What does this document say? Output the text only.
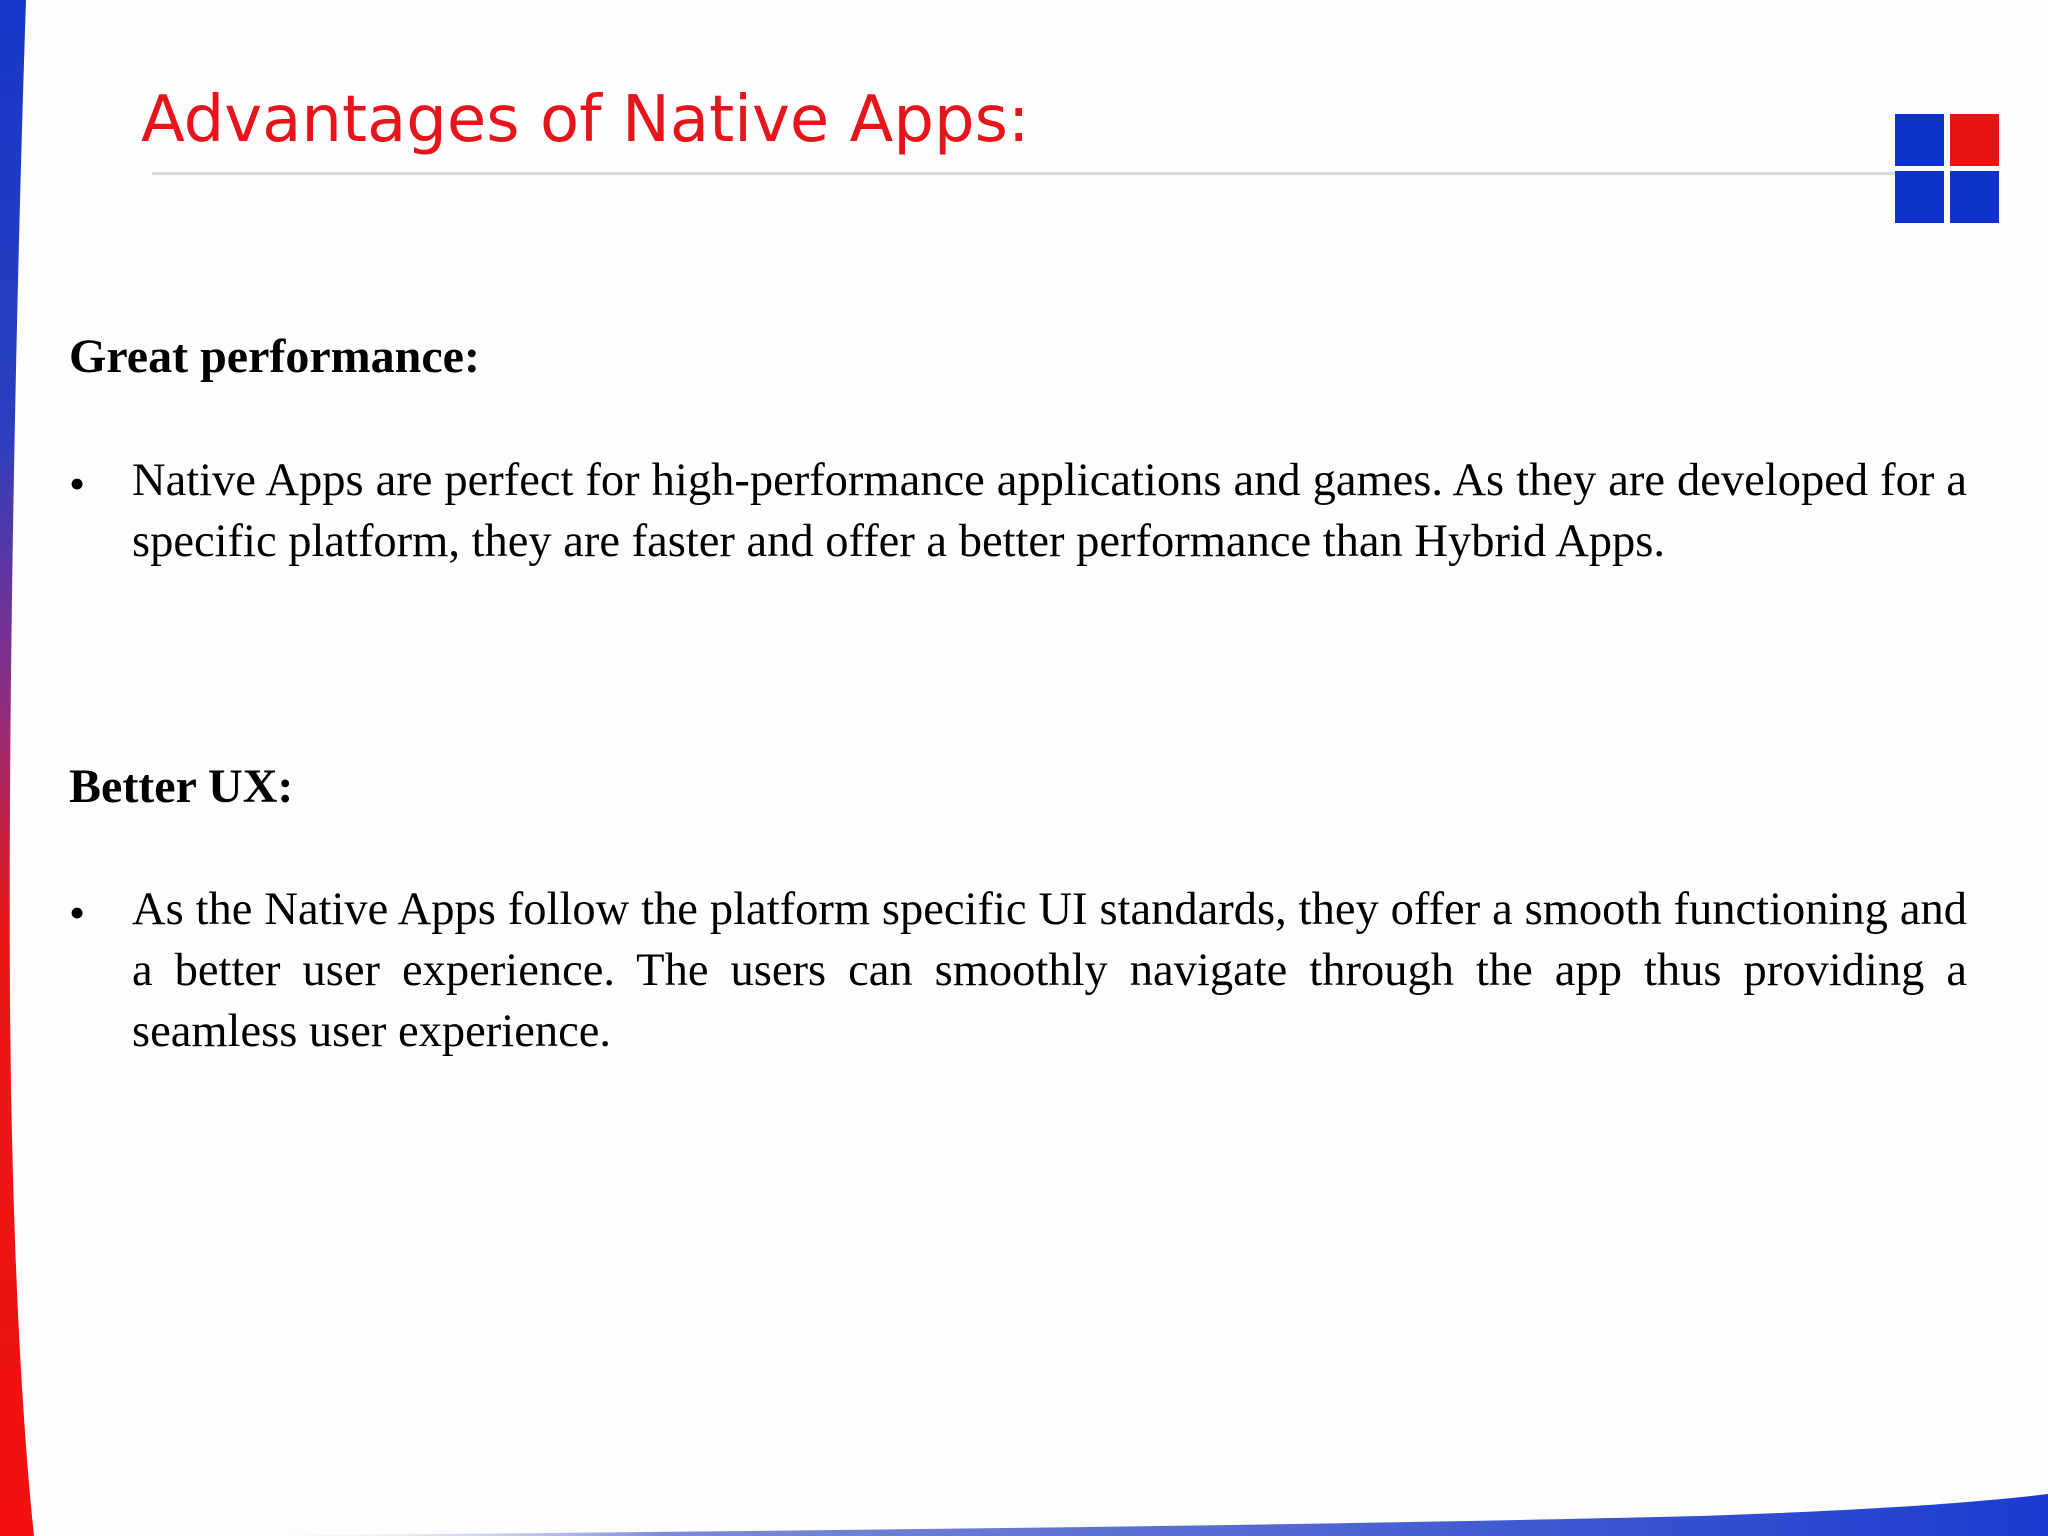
Advantages of Native Apps:
Great performance:
• Native Apps are perfect for high-performance applications and games. As they are developed for a specific platform, they are faster and offer a better performance than Hybrid Apps.
Better UX:
• As the Native Apps follow the platform specific UI standards, they offer a smooth functioning and a better user experience. The users can smoothly navigate through the app thus providing a seamless user experience.
